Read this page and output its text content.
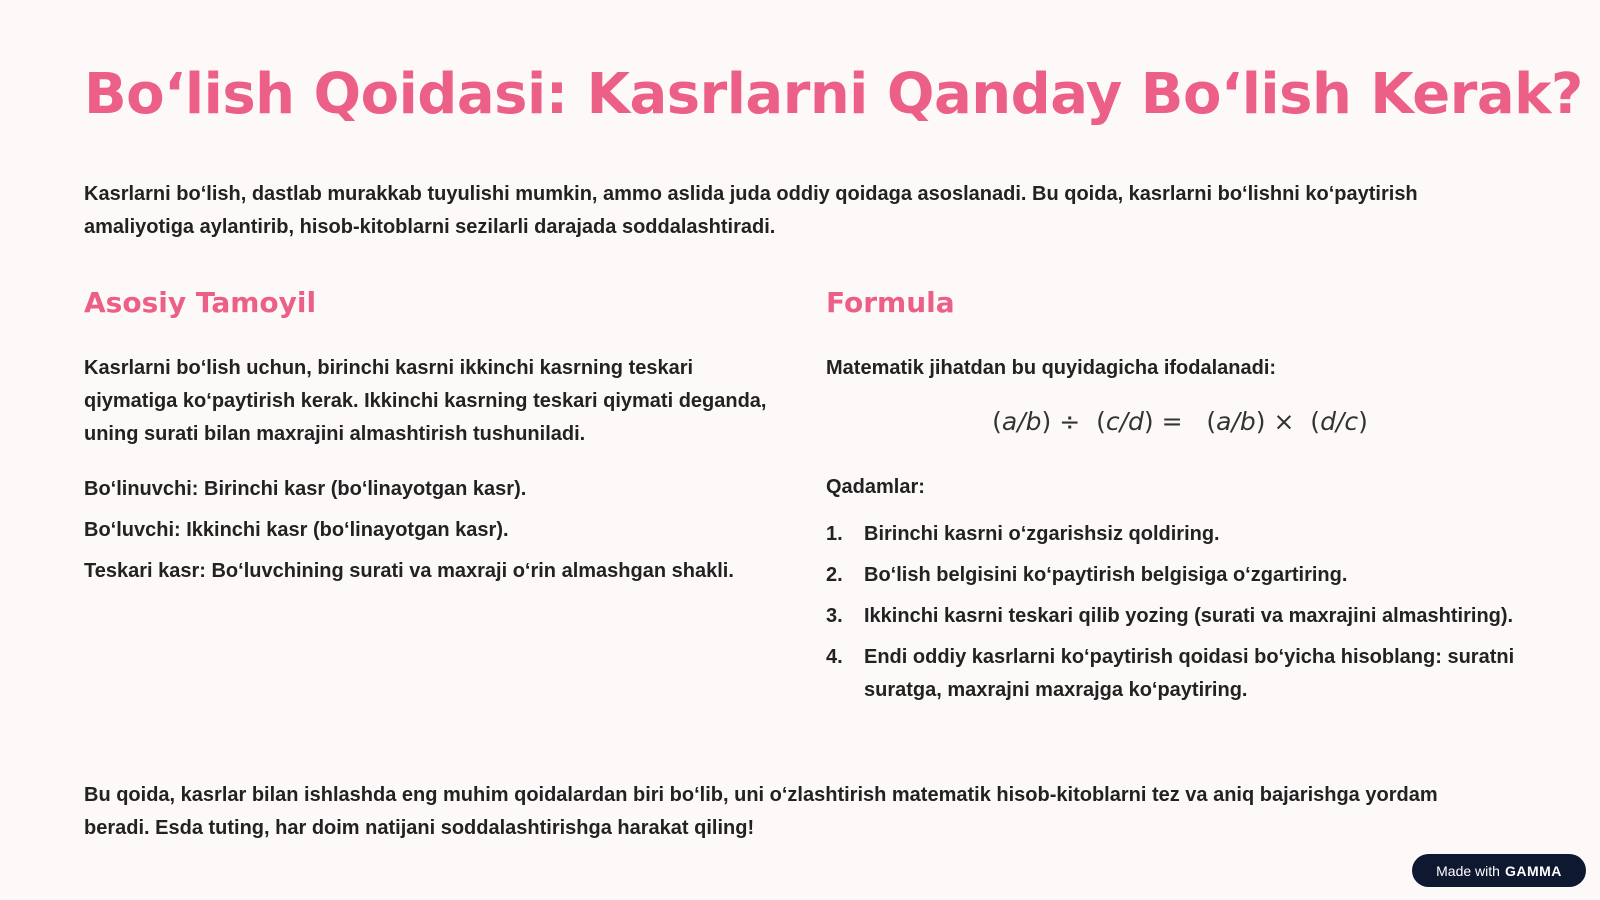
Bo‘lish Qoidasi: Kasrlarni Qanday Bo‘lish Kerak?

Kasrlarni bo‘lish, dastlab murakkab tuyulishi mumkin, ammo aslida juda oddiy qoidaga asoslanadi. Bu qoida, kasrlarni bo‘lishni ko‘paytirish amaliyotiga aylantirib, hisob-kitoblarni sezilarli darajada soddalashtiradi.

Asosiy Tamoyil

Kasrlarni bo‘lish uchun, birinchi kasrni ikkinchi kasrning teskari qiymatiga ko‘paytirish kerak. Ikkinchi kasrning teskari qiymati deganda, uning surati bilan maxrajini almashtirish tushuniladi.

Bo‘linuvchi: Birinchi kasr (bo‘linayotgan kasr).
Bo‘luvchi: Ikkinchi kasr (bo‘linayotgan kasr).
Teskari kasr: Bo‘luvchining surati va maxraji o‘rin almashgan shakli.
Formula

Matematik jihatdan bu quyidagicha ifodalanadi:

(a/b) ÷  (c/d) =   (a/b) ×  (d/c)
Qadamlar:
1.	Birinchi kasrni o‘zgarishsiz qoldiring.
2.	Bo‘lish belgisini ko‘paytirish belgisiga o‘zgartiring.
3.	Ikkinchi kasrni teskari qilib yozing (surati va maxrajini almashtiring).
4.	Endi oddiy kasrlarni ko‘paytirish qoidasi bo‘yicha hisoblang: suratni suratga, maxrajni maxrajga ko‘paytiring.

Bu qoida, kasrlar bilan ishlashda eng muhim qoidalardan biri bo‘lib, uni o‘zlashtirish matematik hisob-kitoblarni tez va aniq bajarishga yordam beradi. Esda tuting, har doim natijani soddalashtirishga harakat qiling!

Made with GAMMA
